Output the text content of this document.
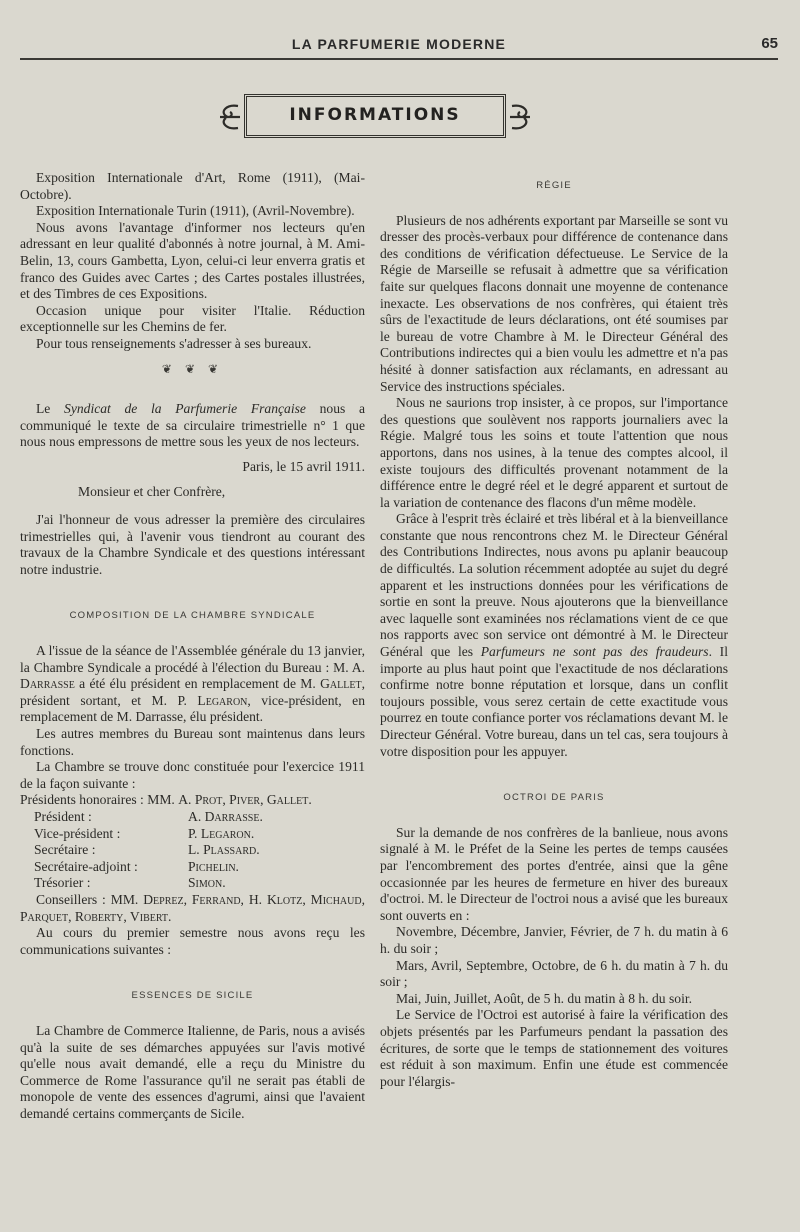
LA PARFUMERIE MODERNE	65
INFORMATIONS

Exposition Internationale d'Art, Rome (1911), (Mai-Octobre).

Exposition Internationale Turin (1911), (Avril-Novembre).

Nous avons l'avantage d'informer nos lecteurs qu'en adressant en leur qualité d'abonnés à notre journal, à M. Ami-Belin, 13, cours Gambetta, Lyon, celui-ci leur enverra gratis et franco des Guides avec Cartes ; des Cartes postales illustrées, et des Timbres de ces Expositions.

Occasion unique pour visiter l'Italie. Réduction exceptionnelle sur les Chemins de fer.

Pour tous renseignements s'adresser à ses bureaux.

❦ ❦ ❦

Le Syndicat de la Parfumerie Française nous a communiqué le texte de sa circulaire trimestrielle n° 1 que nous nous empressons de mettre sous les yeux de nos lecteurs.

Paris, le 15 avril 1911.

Monsieur et cher Confrère,

J'ai l'honneur de vous adresser la première des circulaires trimestrielles qui, à l'avenir vous tiendront au courant des travaux de la Chambre Syndicale et des questions intéressant notre industrie.

COMPOSITION DE LA CHAMBRE SYNDICALE

A l'issue de la séance de l'Assemblée générale du 13 janvier, la Chambre Syndicale a procédé à l'élection du Bureau : M. A. Darrasse a été élu président en remplacement de M. Gallet, président sortant, et M. P. Legaron, vice-président, en remplacement de M. Darrasse, élu président.

Les autres membres du Bureau sont maintenus dans leurs fonctions.

La Chambre se trouve donc constituée pour l'exercice 1911 de la façon suivante :

Présidents honoraires : MM. A. Prot, Piver, Gallet.

Président :	A. Darrasse.
Vice-président :	P. Legaron.
Secrétaire :	L. Plassard.
Secrétaire-adjoint :	Pichelin.
Trésorier :	Simon.

Conseillers : MM. Deprez, Ferrand, H. Klotz, Michaud, Parquet, Roberty, Vibert.

Au cours du premier semestre nous avons reçu les communications suivantes :

ESSENCES DE SICILE

La Chambre de Commerce Italienne, de Paris, nous a avisés qu'à la suite de ses démarches appuyées sur l'avis motivé qu'elle nous avait demandé, elle a reçu du Ministre du Commerce de Rome l'assurance qu'il ne serait pas établi de monopole de vente des essences d'agrumi, ainsi que l'avaient demandé certains commerçants de Sicile.

RÉGIE

Plusieurs de nos adhérents exportant par Marseille se sont vu dresser des procès-verbaux pour différence de contenance dans des conditions de vérification défectueuse. Le Service de la Régie de Marseille se refusait à admettre que sa vérification faite sur quelques flacons donnait une moyenne de contenance inexacte. Les observations de nos confrères, qui étaient très sûrs de l'exactitude de leurs déclarations, ont été soumises par le bureau de votre Chambre à M. le Directeur Général des Contributions indirectes qui a bien voulu les admettre et n'a pas hésité à donner satisfaction aux réclamants, en adressant au Service des instructions spéciales.

Nous ne saurions trop insister, à ce propos, sur l'importance des questions que soulèvent nos rapports journaliers avec la Régie. Malgré tous les soins et toute l'attention que nous apportons, dans nos usines, à la tenue des comptes alcool, il existe toujours des difficultés provenant notamment de la différence entre le degré réel et le degré apparent et surtout de la variation de contenance des flacons d'un même modèle.

Grâce à l'esprit très éclairé et très libéral et à la bienveillance constante que nous rencontrons chez M. le Directeur Général des Contributions Indirectes, nous avons pu aplanir beaucoup de difficultés. La solution récemment adoptée au sujet du degré apparent et les instructions données pour les vérifications de sortie en sont la preuve. Nous ajouterons que la bienveillance avec laquelle sont examinées nos réclamations vient de ce que nos rapports avec son service ont démontré à M. le Directeur Général que les Parfumeurs ne sont pas des fraudeurs. Il importe au plus haut point que l'exactitude de nos déclarations confirme notre bonne réputation et lorsque, dans un conflit toujours possible, vous serez certain de cette exactitude vous pourrez en toute confiance porter vos réclamations devant M. le Directeur Général. Votre bureau, dans un tel cas, sera toujours à votre disposition pour les appuyer.

OCTROI DE PARIS

Sur la demande de nos confrères de la banlieue, nous avons signalé à M. le Préfet de la Seine les pertes de temps causées par l'encombrement des portes d'entrée, ainsi que la gêne occasionnée par les heures de fermeture en hiver des bureaux d'octroi. M. le Directeur de l'octroi nous a avisé que les bureaux sont ouverts en :

Novembre, Décembre, Janvier, Février, de 7 h. du matin à 6 h. du soir ;

Mars, Avril, Septembre, Octobre, de 6 h. du matin à 7 h. du soir ;

Mai, Juin, Juillet, Août, de 5 h. du matin à 8 h. du soir.

Le Service de l'Octroi est autorisé à faire la vérification des objets présentés par les Parfumeurs pendant la passation des écritures, de sorte que le temps de stationnement des voitures est réduit à son maximum. Enfin une étude est commencée pour l'élargis-
